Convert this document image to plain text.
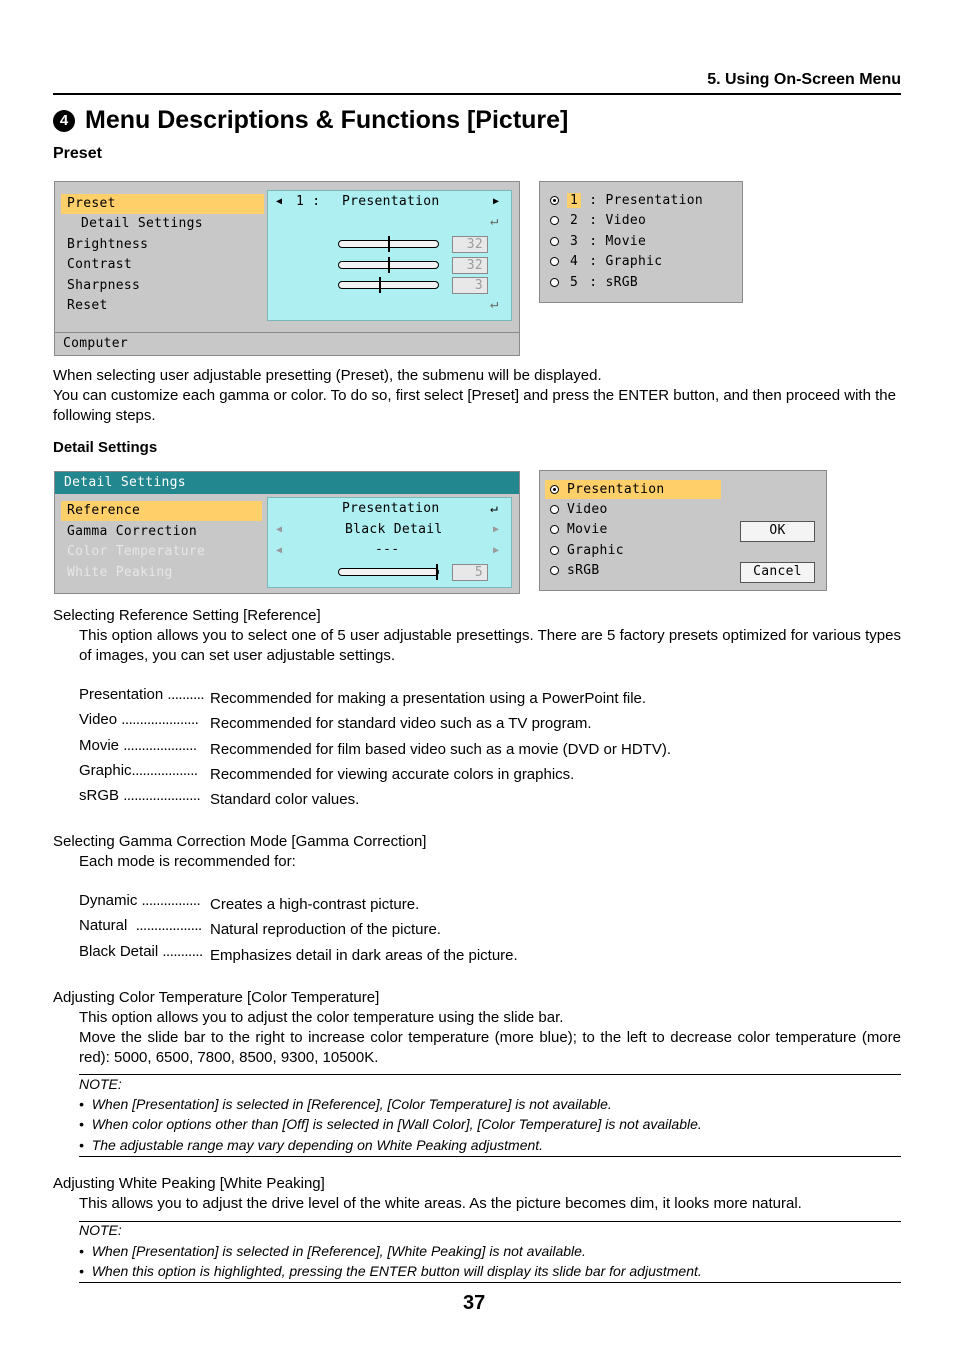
5. Using On-Screen Menu
4 Menu Descriptions & Functions [Picture]
Preset
Preset
Detail Settings
Brightness
Contrast
Sharpness
Reset
◀ 1 : Presentation	▶
↵
32
32
3
↵
Computer
1 : Presentation
2 : Video
3 : Movie
4 : Graphic
5 : sRGB
When selecting user adjustable presetting (Preset), the submenu will be displayed.
You can customize each gamma or color. To do so, first select [Preset] and press the ENTER button, and then proceed with the following steps.
Detail Settings
Detail Settings
Reference
Gamma Correction
Color Temperature
White Peaking
Presentation	↵
◀	Black Detail	▶
◀	---	▶
5
Presentation
Video
Movie
Graphic
sRGB
OK
Cancel
Selecting Reference Setting [Reference]
This option allows you to select one of 5 user adjustable presettings. There are 5 factory presets optimized for various types of images, you can set user adjustable settings.
Presentation .......... Recommended for making a presentation using a PowerPoint file.
Video ..................... Recommended for standard video such as a TV program.
Movie .................... Recommended for film based video such as a movie (DVD or HDTV).
Graphic.................. Recommended for viewing accurate colors in graphics.
sRGB ..................... Standard color values.
Selecting Gamma Correction Mode [Gamma Correction]
Each mode is recommended for:
Dynamic ................ Creates a high-contrast picture.
Natural .................. Natural reproduction of the picture.
Black Detail ........... Emphasizes detail in dark areas of the picture.
Adjusting Color Temperature [Color Temperature]
This option allows you to adjust the color temperature using the slide bar.
Move the slide bar to the right to increase color temperature (more blue); to the left to decrease color temperature (more red): 5000, 6500, 7800, 8500, 9300, 10500K.
NOTE:
•  When [Presentation] is selected in [Reference], [Color Temperature] is not available.
•  When color options other than [Off] is selected in [Wall Color], [Color Temperature] is not available.
•  The adjustable range may vary depending on White Peaking adjustment.
Adjusting White Peaking [White Peaking]
This allows you to adjust the drive level of the white areas. As the picture becomes dim, it looks more natural.
NOTE:
•  When [Presentation] is selected in [Reference], [White Peaking] is not available.
•  When this option is highlighted, pressing the ENTER button will display its slide bar for adjustment.
37
